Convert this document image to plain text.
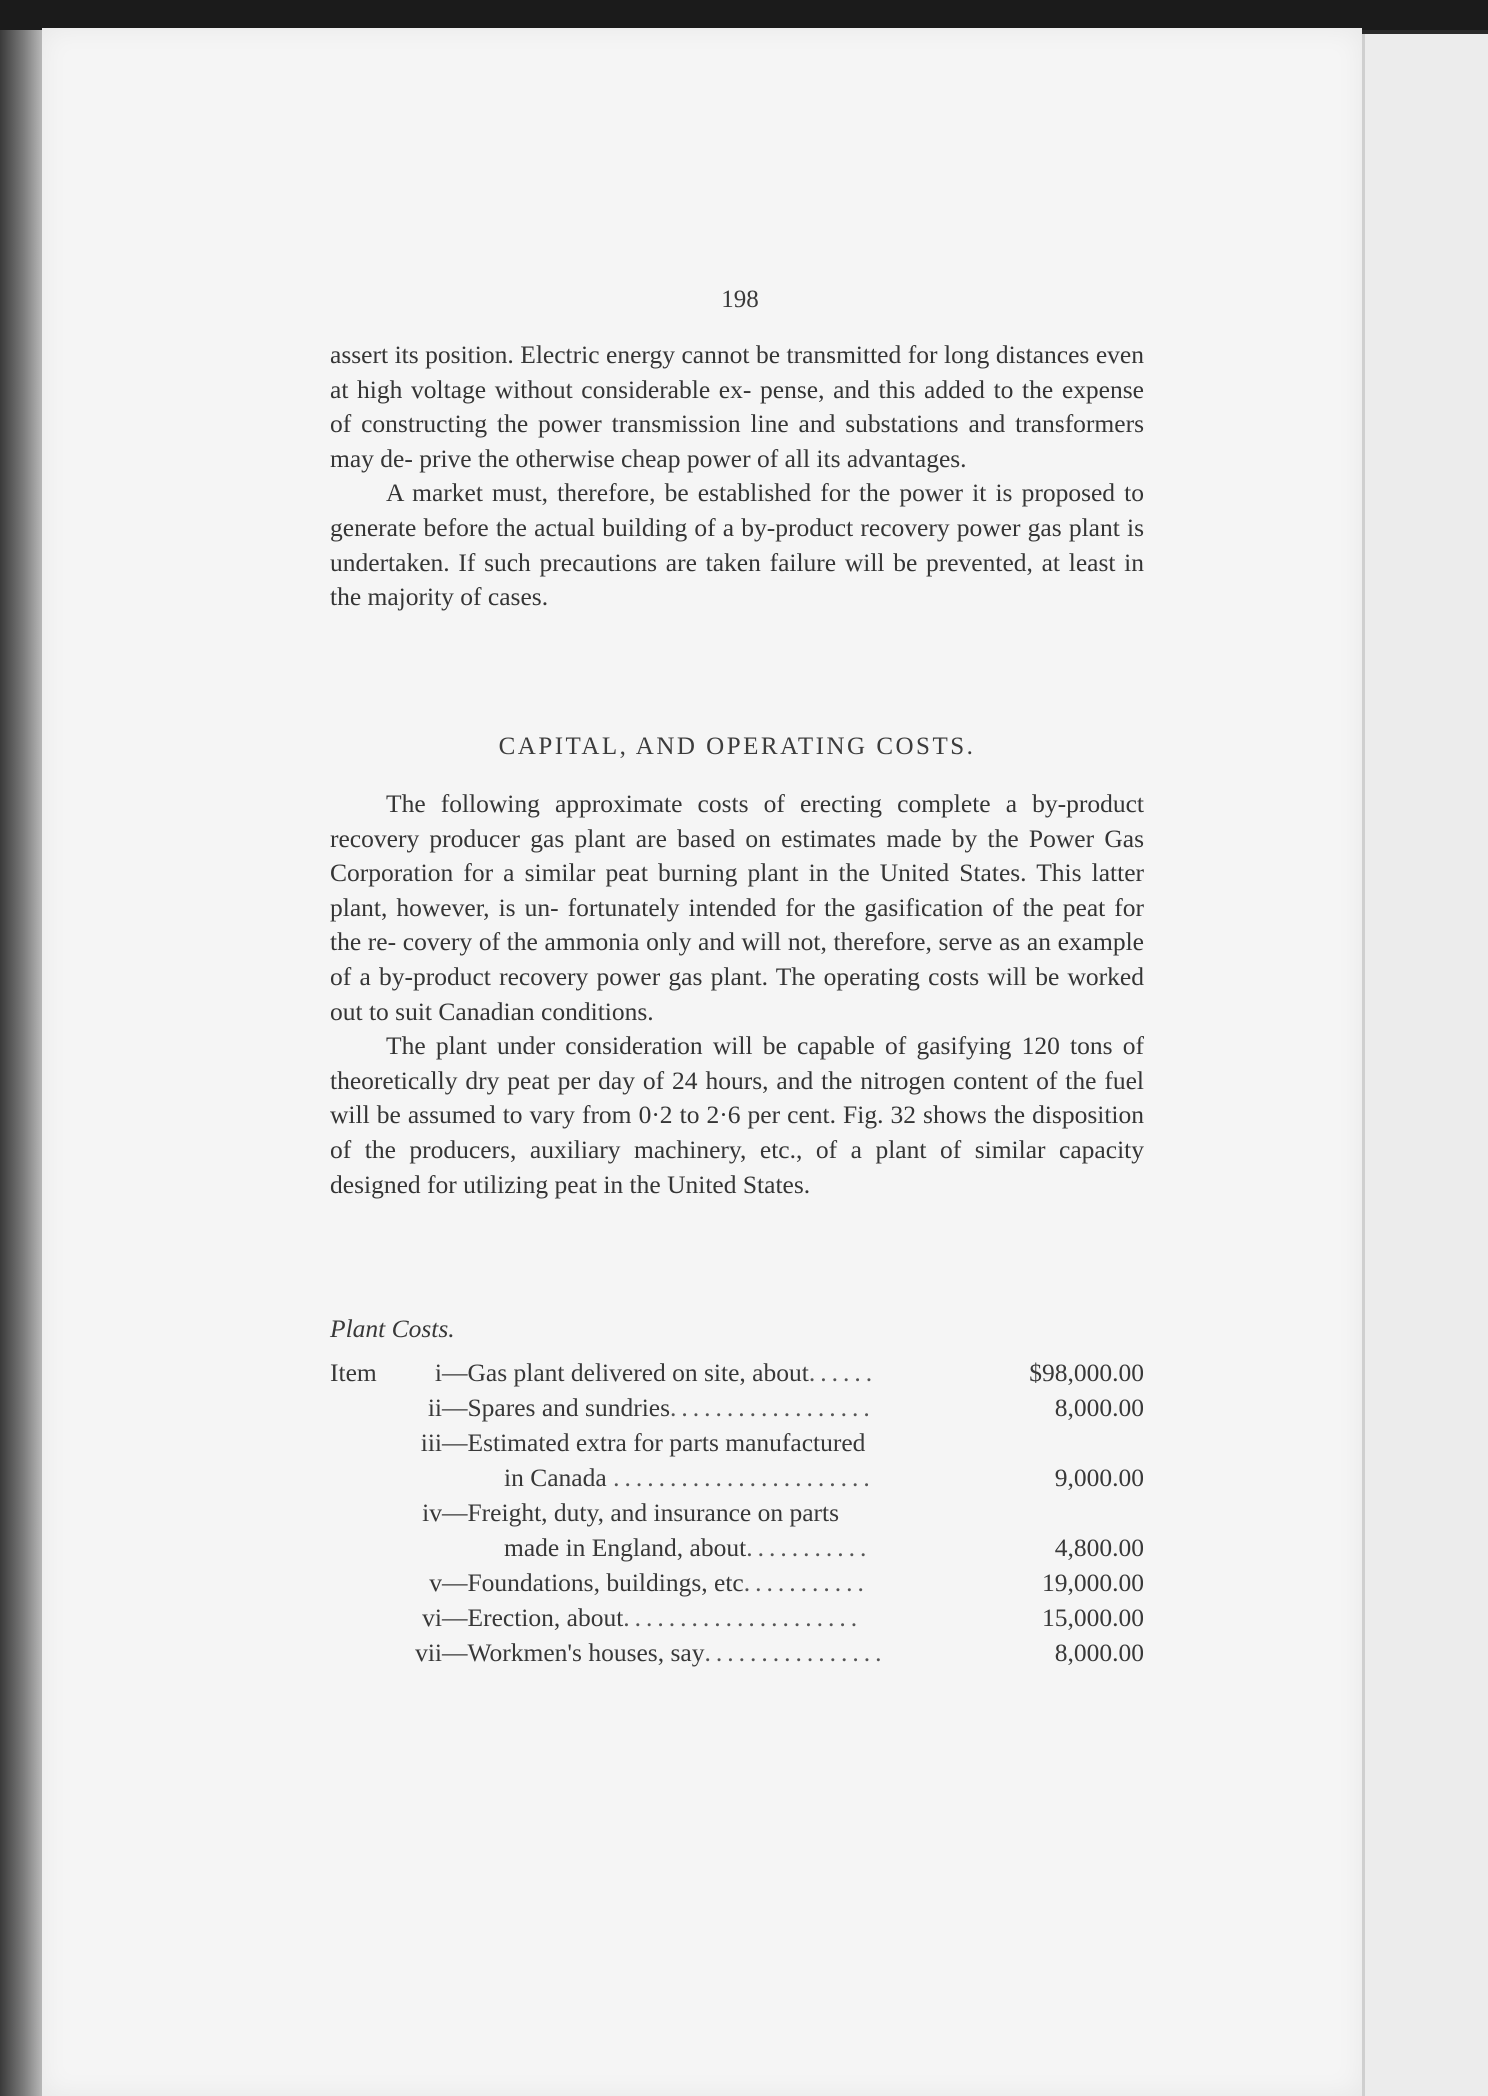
198

assert its position. Electric energy cannot be transmitted for long distances even at high voltage without considerable ex- pense, and this added to the expense of constructing the power transmission line and substations and transformers may de- prive the otherwise cheap power of all its advantages.

A market must, therefore, be established for the power it is proposed to generate before the actual building of a by-product recovery power gas plant is undertaken. If such precautions are taken failure will be prevented, at least in the majority of cases.

CAPITAL, AND OPERATING COSTS.

The following approximate costs of erecting complete a by-product recovery producer gas plant are based on estimates made by the Power Gas Corporation for a similar peat burning plant in the United States. This latter plant, however, is un- fortunately intended for the gasification of the peat for the re- covery of the ammonia only and will not, therefore, serve as an example of a by-product recovery power gas plant. The operating costs will be worked out to suit Canadian conditions.

The plant under consideration will be capable of gasifying 120 tons of theoretically dry peat per day of 24 hours, and the nitrogen content of the fuel will be assumed to vary from 0·2 to 2·6 per cent. Fig. 32 shows the disposition of the producers, auxiliary machinery, etc., of a plant of similar capacity designed for utilizing peat in the United States.

Plant Costs.
Item	i —Gas plant delivered on site, about......	$98,000.00
ii —Spares and sundries..................	8,000.00
iii —Estimated extra for parts manufactured
in Canada .......................	9,000.00
iv —Freight, duty, and insurance on parts
made in England, about...........	4,800.00
v —Foundations, buildings, etc...........	19,000.00
vi —Erection, about.....................	15,000.00
vii —Workmen's houses, say................	8,000.00
